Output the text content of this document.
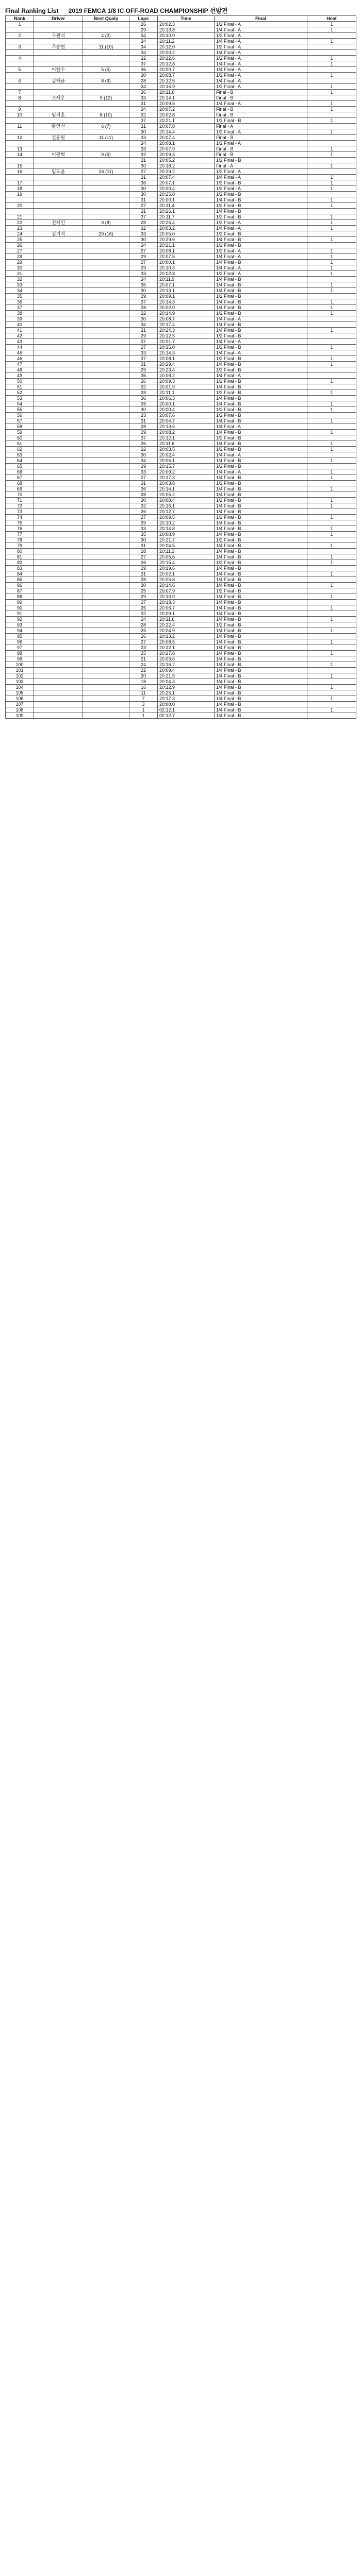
Final Ranking List 2019 FEMCA 1/8 IC OFF-ROAD CHAMPIONSHIP 선발전
Rank	Driver	Best Quaty	Laps	Time	Final	Heat
1			26	20:02.3	1/2 Final - A	1
			29	20:13.8	1/4 Final - A	1
2	구원석	4 (2)	34	20:10.9	1/2 Final - A	
			34	20:11.2	1/4 Final - A	1
3	추승현	11 (10)	34	20:12.0	1/2 Final - A	
			34	20:00.2	1/4 Final - A	
4			32	20:12.6	1/2 Final - A	1
			37	20:12.8	1/4 Final - A	1
5	이한수	5 (5)	36	20:00.7	1/4 Final - A	
			30	20:08.7	1/2 Final - A	1
6	김재균	8 (9)	28	20:12.5	1/4 Final - A	
			34	20:15.9	1/2 Final - A	1
7			36	20:11.6	Final - B	1
8	조재우	9 (12)	33	20:14.1	Final - B	
			31	20:09.5	1/4 Final - A	1
9			34	20:07.2	Final - B	1
10	임지훈	8 (10)	32	20:02.8	Final - B	
			37	20:21.1	1/2 Final - B	1
11	황인선	6 (7)	31	20:07.8	Final - A	
			30	20:14.4	1/2 Final - A	1
12	신동필	11 (11)	33	20:07.4	Final - B	
			34	20:08.1	1/2 Final - A	
13			33	20:07.9	Final - B	1
14	이광혁	9 (6)	32	20:09.3	Final - B	1
			31	20:05.2	1/2 Final - B	
15			30	20:18.2	Final - A	1
16	임도윤	26 (11)	27	20:29.2	1/2 Final - A	
			31	20:07.4	1/4 Final - A	1
17			36	20:07.1	1/2 Final - B	1
18			30	20:00.4	1/2 Final - A	1
19			30	20:25.0	1/2 Final - B	
			31	20:00.1	1/4 Final - B	1
20			27	20:11.4	1/2 Final - B	1
			31	20:26.1	1/4 Final - B	
21			37	20:11.7	1/2 Final - B	1
22	전재민	9 (8)	28	20:26.4	1/2 Final - A	1
23			32	20:03.2	1/4 Final - A	1
24	김기석	20 (16)	33	20:05.0	1/2 Final - B	
25			30	20:29.6	1/4 Final - B	1
26			34	20:21.1	1/2 Final - B	
27			27	20:08.1	1/2 Final - A	1
28			29	20:07.5	1/4 Final - A	1
29			27	20:00.1	1/4 Final - B	1
30			29	20:10.3	1/4 Final - A	1
31			33	20:02.8	1/2 Final - A	1
32			34	20:11.9	1/4 Final - B	
33			35	20:07.1	1/4 Final - B	1
34			30	20:13.1	1/4 Final - B	1
35			29	20:09.1	1/2 Final - B	
36			37	20:14.3	1/4 Final - B	1
37			28	20:02.0	1/4 Final - B	1
38			32	20:14.9	1/2 Final - B	1
39			30	20:08.7	1/4 Final - A	
40			34	20:17.4	1/4 Final - B	
41			31	20:24.3	1/4 Final - B	1
42			29	20:12.5	1/2 Final - B	
43			37	20:01.7	1/4 Final - A	
44			27	20:15.0	1/2 Final - B	1
45			33	20:14.3	1/4 Final - A	
46			37	20:08.1	1/2 Final - B	1
47			31	20:29.4	1/4 Final - B	1
48			29	20:23.4	1/2 Final - B	
49			35	20:08.2	1/4 Final - A	
50			26	20:09.3	1/2 Final - B	1
51			32	20:01.9	1/4 Final - B	
52			28	20:11.1	1/2 Final - B	1
53			36	20:06.3	1/4 Final - B	
54			26	20:00.1	1/4 Final - B	1
55			30	20:00.4	1/2 Final - B	1
56			33	20:07.6	1/2 Final - B	
57			31	20:04.7	1/4 Final - B	1
58			28	20:13.6	1/4 Final - A	
59			29	20:08.2	1/4 Final - B	1
60			37	20:12.1	1/2 Final - B	
61			26	20:11.6	1/4 Final - B	1
62			32	20:03.5	1/2 Final - B	1
63			30	20:02.4	1/4 Final - A	
64			34	20:06.1	1/4 Final - B	1
65			29	20:15.7	1/2 Final - B	
66			33	20:09.2	1/4 Final - A	1
67			27	20:17.3	1/4 Final - B	1
68			31	20:03.8	1/2 Final - B	
69			36	20:14.1	1/4 Final - B	1
70			28	20:05.2	1/4 Final - B	
71			30	20:08.4	1/2 Final - B	1
72			32	20:16.1	1/4 Final - B	1
73			26	20:12.7	1/4 Final - B	
74			27	20:09.5	1/2 Final - B	1
75			29	20:10.2	1/4 Final - B	
76			33	20:14.8	1/4 Final - B	1
77			35	20:08.9	1/4 Final - B	1
78			30	20:21.7	1/2 Final - B	
79			31	20:04.5	1/4 Final - B	1
80			28	20:11.3	1/4 Final - B	
81			27	20:05.6	1/4 Final - B	1
82			26	20:15.4	1/2 Final - B	1
83			29	20:19.6	1/4 Final - B	
84			31	20:02.1	1/4 Final - B	1
85			28	20:05.8	1/4 Final - B	
86			30	20:14.6	1/4 Final - B	1
87			25	20:07.9	1/2 Final - B	
88			29	20:10.9	1/4 Final - B	1
89			27	20:18.3	1/4 Final - B	
90			26	20:06.7	1/4 Final - B	1
91			32	20:09.1	1/4 Final - B	
92			24	20:11.6	1/4 Final - B	1
93			28	20:22.4	1/2 Final - B	
94			25	20:04.9	1/4 Final - B	1
95			26	20:13.2	1/4 Final - B	
96			27	20:08.5	1/4 Final - B	1
97			23	20:12.1	1/4 Final - B	
98			25	20:27.8	1/4 Final - B	1
99			21	20:03.6	1/4 Final - B	
100			24	20:16.2	1/4 Final - B	1
101			22	20:09.4	1/4 Final - B	
102			20	20:21.5	1/4 Final - B	1
103			18	20:04.3	1/4 Final - B	
104			16	20:12.9	1/4 Final - B	1
105			11	20:25.1	1/4 Final - B	
106			7	20:17.3	1/4 Final - B	1
107			3	20:08.0	1/4 Final - B	
108			1	02:12.1	1/4 Final - B	1
109			1	02:12.7	1/4 Final - B	
